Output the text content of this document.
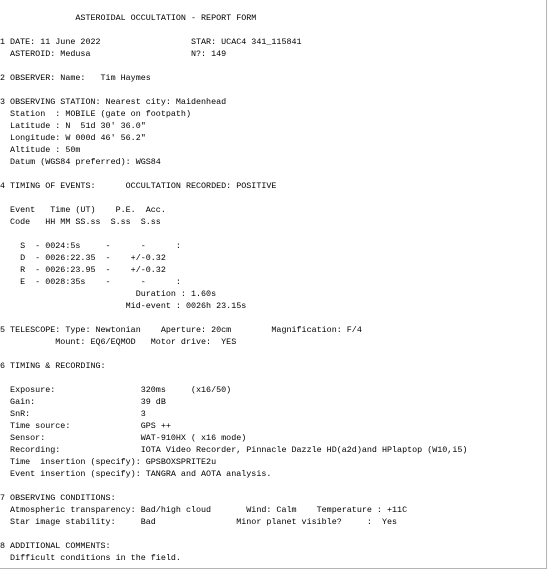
ASTEROIDAL OCCULTATION - REPORT FORM
1 DATE: 11 June 2022                  STAR: UCAC4 341_115841
ASTEROID: Medusa                    N?: 149
2 OBSERVER: Name:   Tim Haymes
3 OBSERVING STATION: Nearest city: Maidenhead
Station  : MOBILE (gate on footpath)
Latitude : N  51d 30' 36.0"
Longitude: W 000d 46' 56.2"
Altitude : 50m
Datum (WGS84 preferred): WGS84
4 TIMING OF EVENTS:      OCCULTATION RECORDED: POSITIVE
Event   Time (UT)    P.E.  Acc.
Code   HH MM SS.ss  S.ss  S.ss
S  - 0024:5s     -      -      :
D  - 0026:22.35  -    +/-0.32
R  - 0026:23.95  -    +/-0.32
E  - 0028:35s    -      -      :
Duration : 1.60s
Mid-event : 0026h 23.15s
5 TELESCOPE: Type: Newtonian    Aperture: 20cm        Magnification: F/4
Mount: EQ6/EQMOD   Motor drive:  YES
6 TIMING & RECORDING:
Exposure:                 320ms     (x16/50)
Gain:                     39 dB
SnR:                      3
Time source:              GPS ++
Sensor:                   WAT-910HX ( x16 mode)
Recording:                IOTA Video Recorder, Pinnacle Dazzle HD(a2d)and HPlaptop (W10,i5)
Time  insertion (specify): GPSBOXSPRITE2u
Event insertion (specify): TANGRA and AOTA analysis.
7 OBSERVING CONDITIONS:
Atmospheric transparency: Bad/high cloud       Wind: Calm    Temperature : +11C
Star image stability:     Bad                Minor planet visible?     :  Yes
8 ADDITIONAL COMMENTS:
Difficult conditions in the field.
